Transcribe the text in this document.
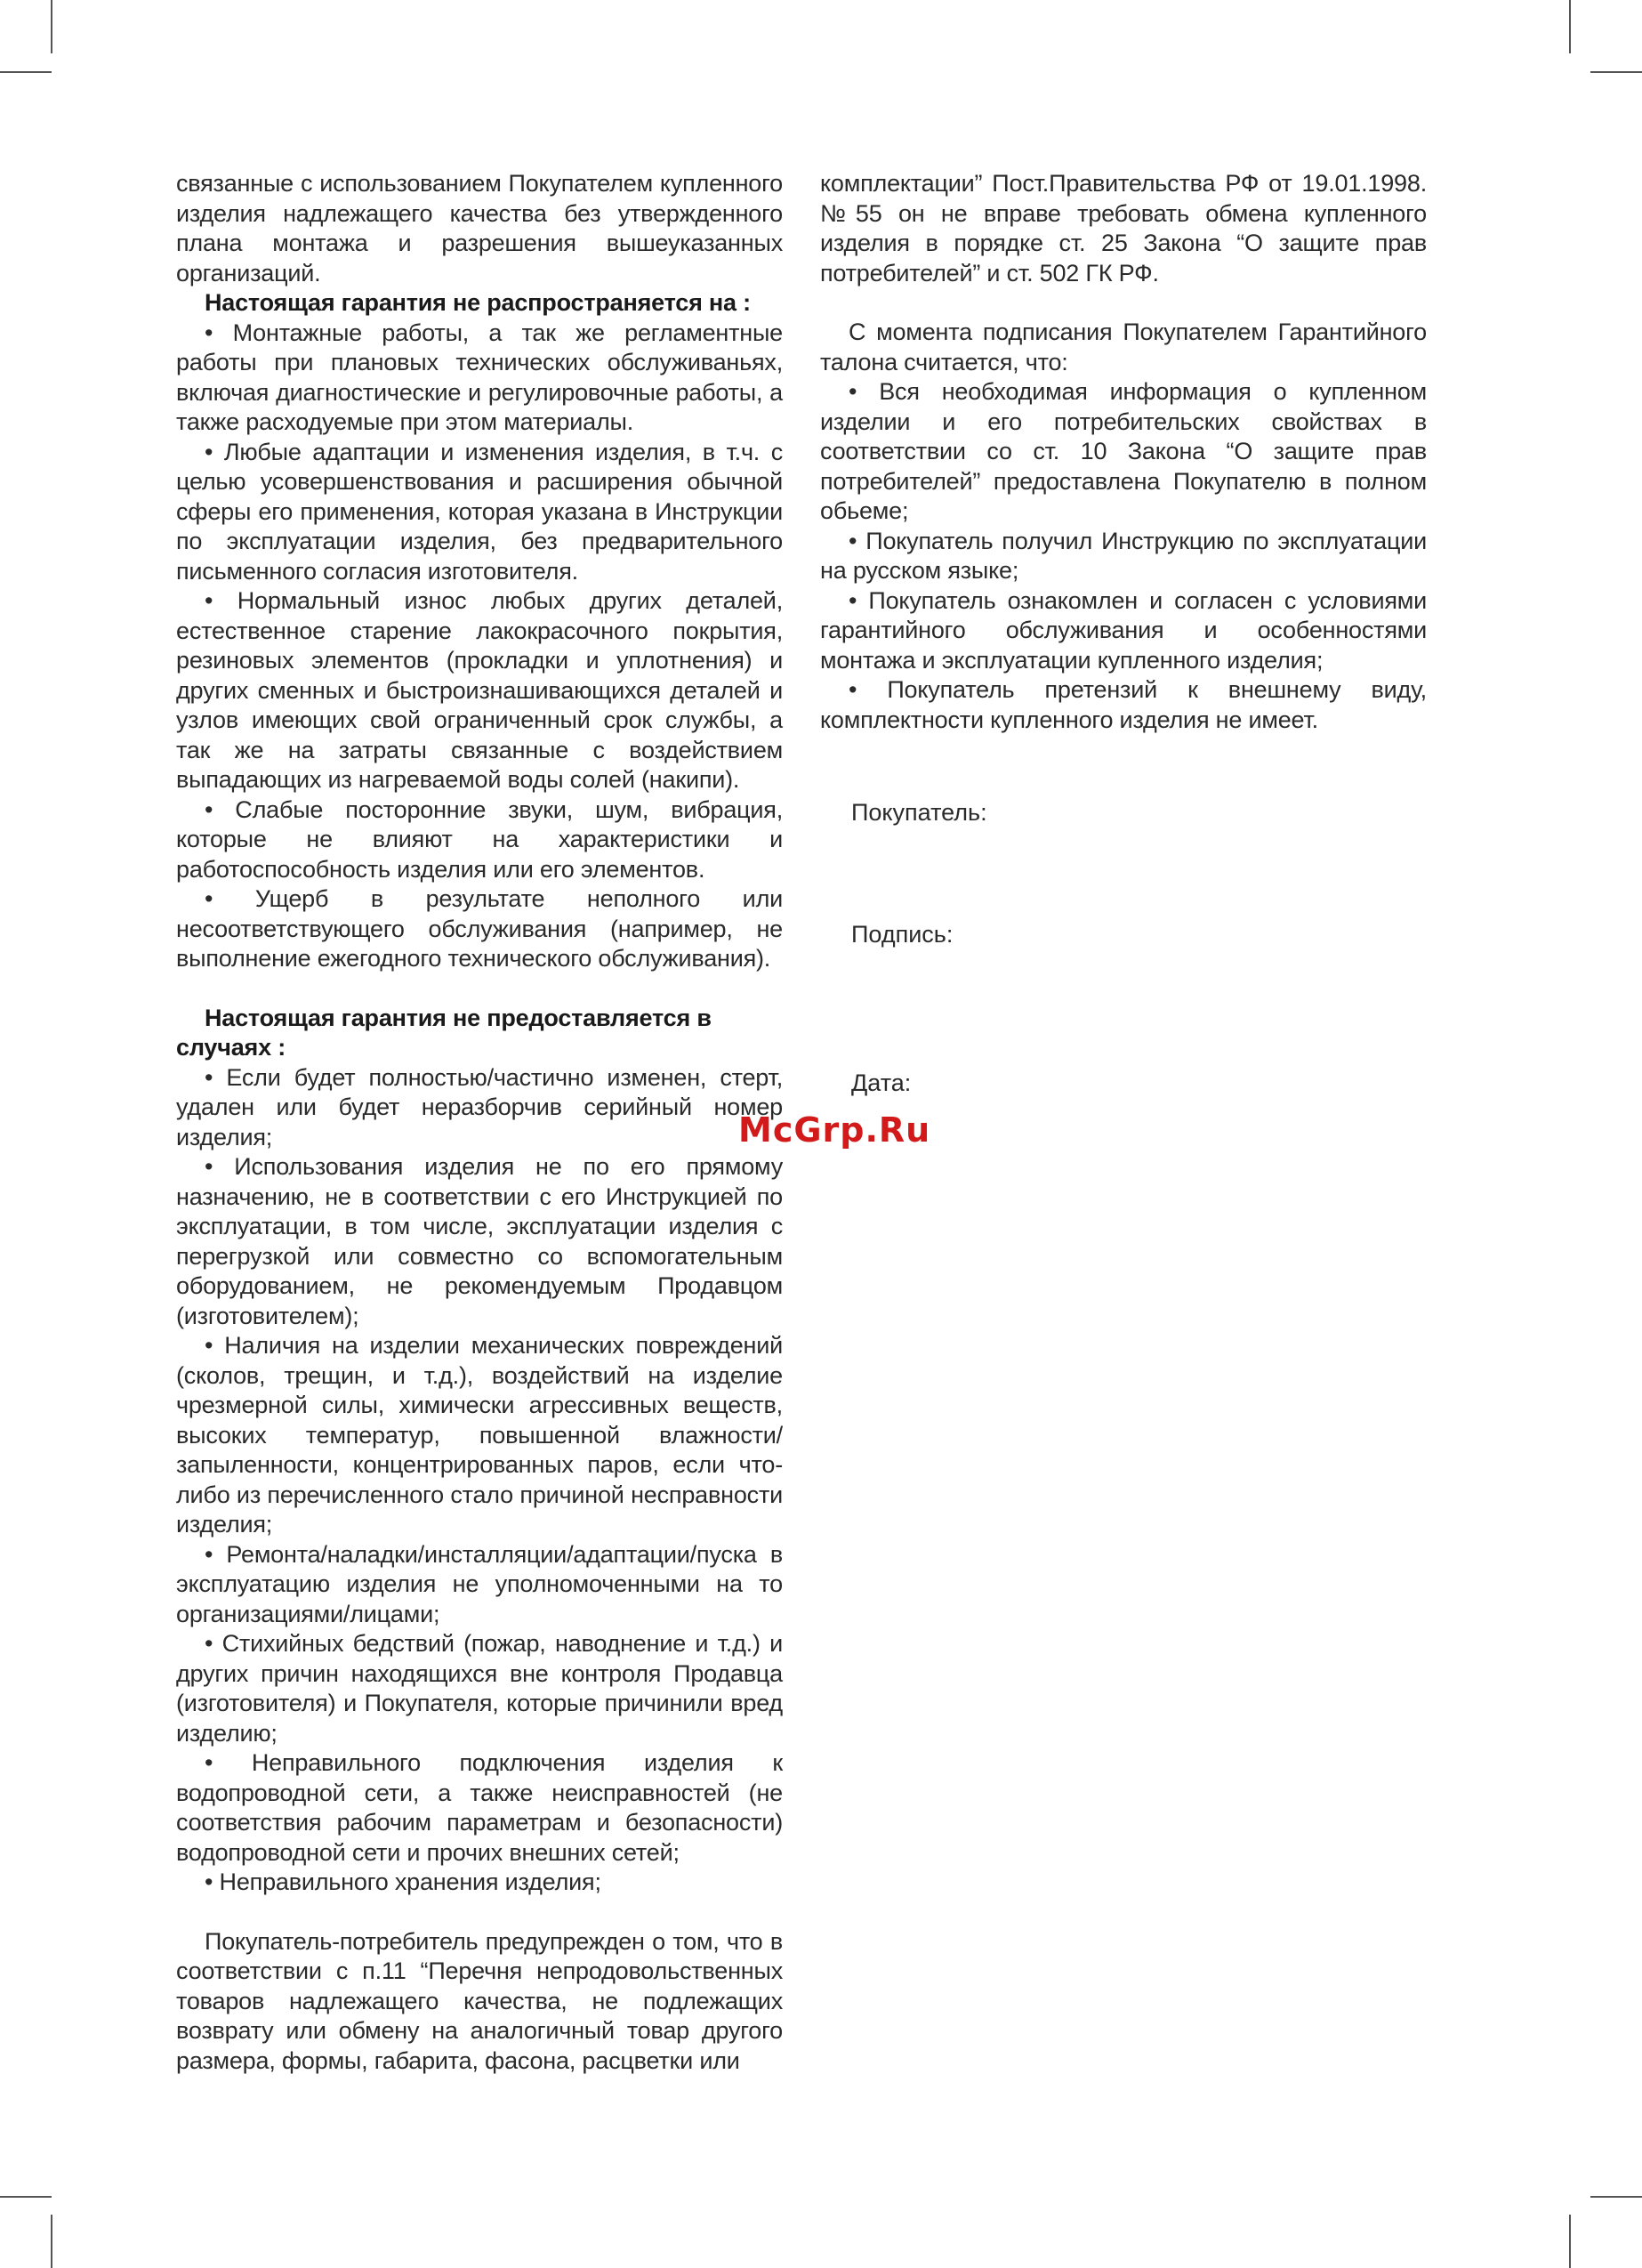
связанные с использованием Покупателем купленного изделия надлежащего качества без утвержденного плана монтажа и разрешения вышеуказанных организаций.

Настоящая гарантия не распространяется на :

• Монтажные работы, а так же регламентные работы при плановых технических обслуживаньях, включая диагностические и регулировочные работы, а также расходуемые при этом материалы.

• Любые адаптации и изменения изделия, в т.ч. с целью усовершенствования и расширения обычной сферы его применения, которая указана в Инструкции по эксплуатации изделия, без предварительного письменного согласия изготовителя.

• Нормальный износ любых других деталей, естественное старение лакокрасочного покрытия, резиновых элементов (прокладки и уплотнения) и других сменных и быстроизнашивающихся деталей и узлов имеющих свой ограниченный срок службы, а так же на затраты связанные с воздействием выпадающих из нагреваемой воды солей (накипи).

• Слабые посторонние звуки, шум, вибрация, которые не влияют на характеристики и работоспособность изделия или его элементов.

• Ущерб в результате неполного или несоответствующего обслуживания (например, не выполнение ежегодного технического обслуживания).

Настоящая гарантия не предоставляется в случаях :

• Если будет полностью/частично изменен, стерт, удален или будет неразборчив серийный номер изделия;

• Использования изделия не по его прямому назначению, не в соответствии с его Инструкцией по эксплуатации, в том числе, эксплуатации изделия с перегрузкой или совместно со вспомогательным оборудованием, не рекомендуемым Продавцом (изготовителем);

• Наличия на изделии механических повреждений (сколов, трещин, и т.д.), воздействий на изделие чрезмерной силы, химически агрессивных веществ, высоких температур, повышенной влажности/запыленности, концентрированных паров, если что-либо из перечисленного стало причиной несправности изделия;

• Ремонта/наладки/инсталляции/адаптации/пуска в эксплуатацию изделия не уполномоченными на то организациями/лицами;

• Стихийных бедствий (пожар, наводнение и т.д.) и других причин находящихся вне контроля Продавца (изготовителя) и Покупателя, которые причинили вред изделию;

• Неправильного подключения изделия к водопроводной сети, а также неисправностей (не соответствия рабочим параметрам и безопасности) водопроводной сети и прочих внешних сетей;

• Неправильного хранения изделия;

Покупатель-потребитель предупрежден о том, что в соответствии с п.11 “Перечня непродовольственных товаров надлежащего качества, не подлежащих возврату или обмену на аналогичный товар другого размера, формы, габарита, фасона, расцветки или

комплектации” Пост.Правительства РФ от 19.01.1998. №55 он не вправе требовать обмена купленного изделия в порядке ст. 25 Закона “О защите прав потребителей” и ст. 502 ГК РФ.

С момента подписания Покупателем Гарантийного талона считается, что:

• Вся необходимая информация о купленном изделии и его потребительских свойствах в соответствии со ст. 10 Закона “О защите прав потребителей” предоставлена Покупателю в полном обьеме;

• Покупатель получил Инструкцию по эксплуатации на русском языке;

• Покупатель ознакомлен и согласен с условиями гарантийного обслуживания и особенностями монтажа и эксплуатации купленного изделия;

• Покупатель претензий к внешнему виду, комплектности купленного изделия не имеет.

Покупатель:
Подпись:
Дата:
McGrp.Ru
